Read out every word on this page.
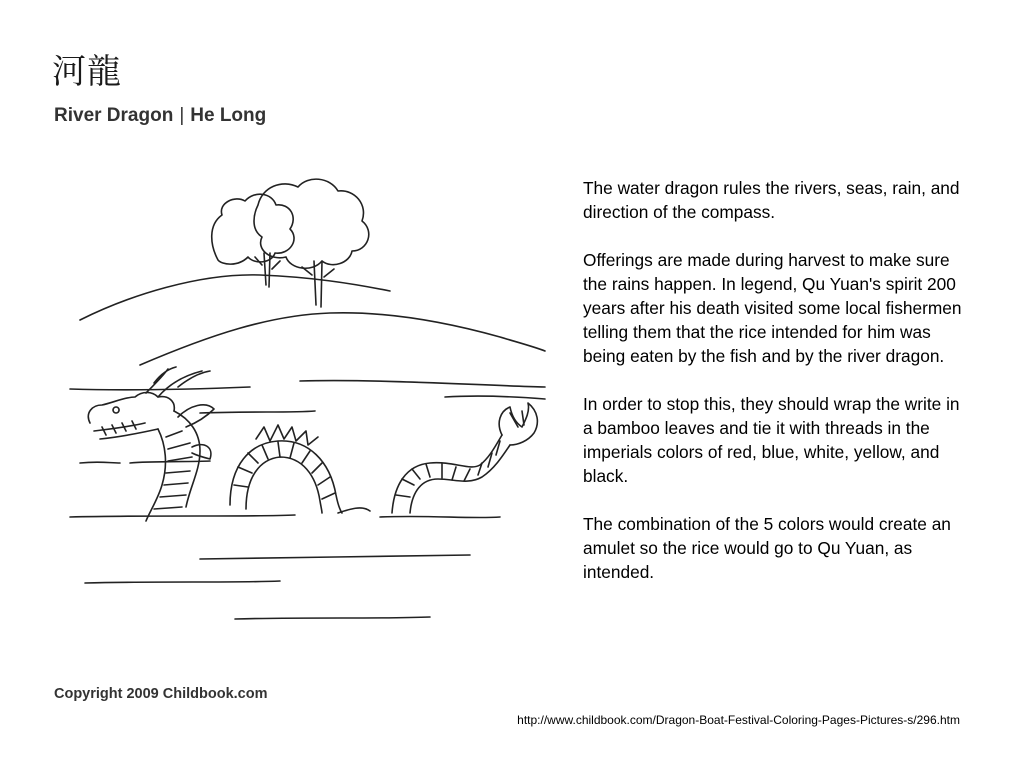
河龍
River Dragon | He Long

The water dragon rules the rivers, seas, rain, and direction of the compass.

Offerings are made during harvest to make sure the rains happen. In legend, Qu Yuan's spirit 200 years after his death visited some local fishermen telling them that the rice intended for him was being eaten by the fish and by the river dragon.

In order to stop this, they should wrap the write in a bamboo leaves and tie it with threads in the imperials colors of red, blue, white, yellow, and black.

The combination of the 5 colors would create an amulet so the rice would go to Qu Yuan, as intended.

Copyright 2009 Childbook.com
http://www.childbook.com/Dragon-Boat-Festival-Coloring-Pages-Pictures-s/296.htm
